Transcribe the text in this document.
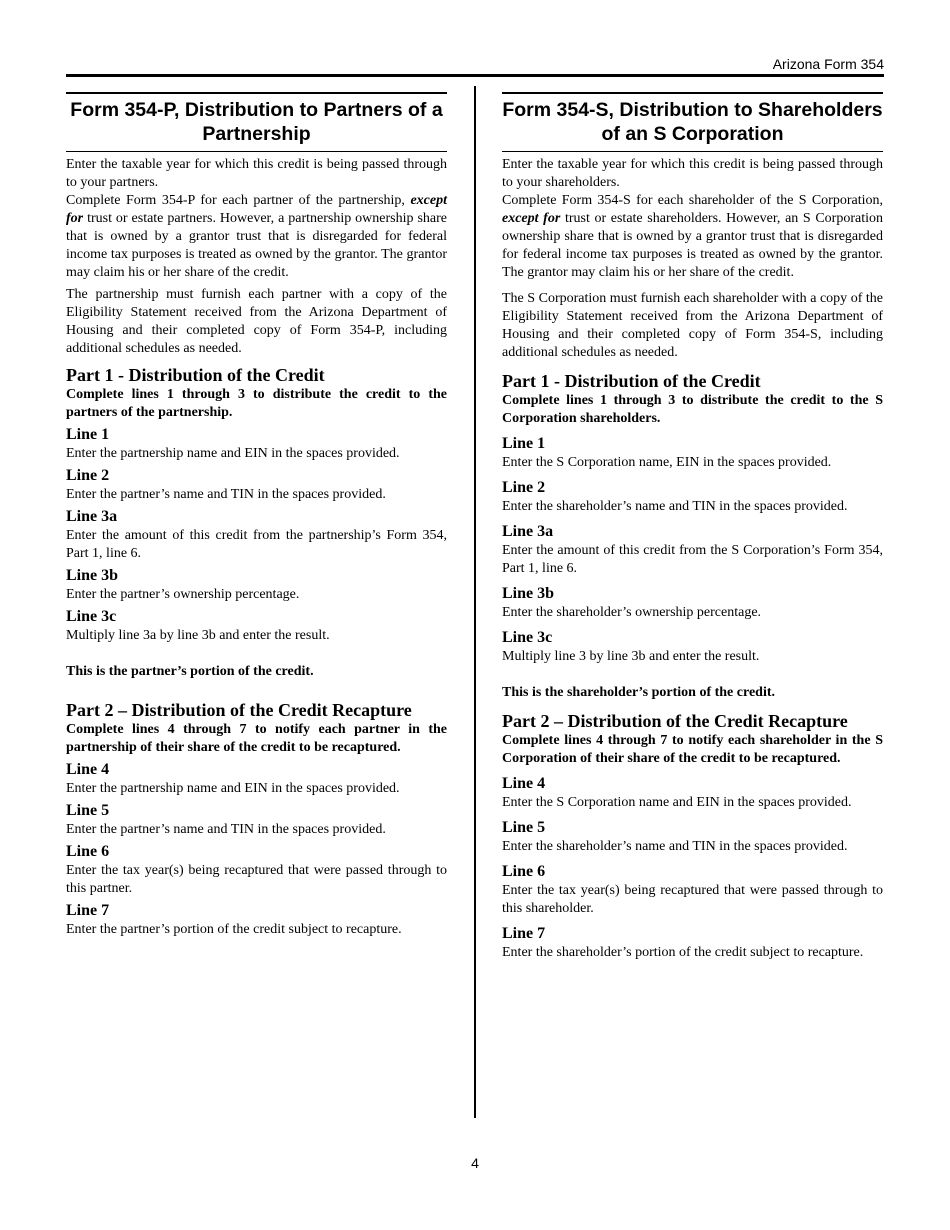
Arizona Form 354
Form 354-P, Distribution to Partners of a Partnership

Enter the taxable year for which this credit is being passed through to your partners.

Complete Form 354-P for each partner of the partnership, except for trust or estate partners. However, a partnership ownership share that is owned by a grantor trust that is disregarded for federal income tax purposes is treated as owned by the grantor. The grantor may claim his or her share of the credit.

The partnership must furnish each partner with a copy of the Eligibility Statement received from the Arizona Department of Housing and their completed copy of Form 354-P, including additional schedules as needed.

Part 1 - Distribution of the Credit

Complete lines 1 through 3 to distribute the credit to the partners of the partnership.

Line 1

Enter the partnership name and EIN in the spaces provided.

Line 2

Enter the partner’s name and TIN in the spaces provided.

Line 3a

Enter the amount of this credit from the partnership’s Form 354, Part 1, line 6.

Line 3b

Enter the partner’s ownership percentage.

Line 3c

Multiply line 3a by line 3b and enter the result.

This is the partner’s portion of the credit.

Part 2 – Distribution of the Credit Recapture

Complete lines 4 through 7 to notify each partner in the partnership of their share of the credit to be recaptured.

Line 4

Enter the partnership name and EIN in the spaces provided.

Line 5

Enter the partner’s name and TIN in the spaces provided.

Line 6

Enter the tax year(s) being recaptured that were passed through to this partner.

Line 7

Enter the partner’s portion of the credit subject to recapture.

Form 354-S, Distribution to Shareholders of an S Corporation

Enter the taxable year for which this credit is being passed through to your shareholders.

Complete Form 354-S for each shareholder of the S Corporation, except for trust or estate shareholders. However, an S Corporation ownership share that is owned by a grantor trust that is disregarded for federal income tax purposes is treated as owned by the grantor. The grantor may claim his or her share of the credit.

The S Corporation must furnish each shareholder with a copy of the Eligibility Statement received from the Arizona Department of Housing and their completed copy of Form 354-S, including additional schedules as needed.

Part 1 - Distribution of the Credit

Complete lines 1 through 3 to distribute the credit to the S Corporation shareholders.

Line 1

Enter the S Corporation name, EIN in the spaces provided.

Line 2

Enter the shareholder’s name and TIN in the spaces provided.

Line 3a

Enter the amount of this credit from the S Corporation’s Form 354, Part 1, line 6.

Line 3b

Enter the shareholder’s ownership percentage.

Line 3c

Multiply line 3 by line 3b and enter the result.

This is the shareholder’s portion of the credit.

Part 2 – Distribution of the Credit Recapture

Complete lines 4 through 7 to notify each shareholder in the S Corporation of their share of the credit to be recaptured.

Line 4

Enter the S Corporation name and EIN in the spaces provided.

Line 5

Enter the shareholder’s name and TIN in the spaces provided.

Line 6

Enter the tax year(s) being recaptured that were passed through to this shareholder.

Line 7

Enter the shareholder’s portion of the credit subject to recapture.

4
